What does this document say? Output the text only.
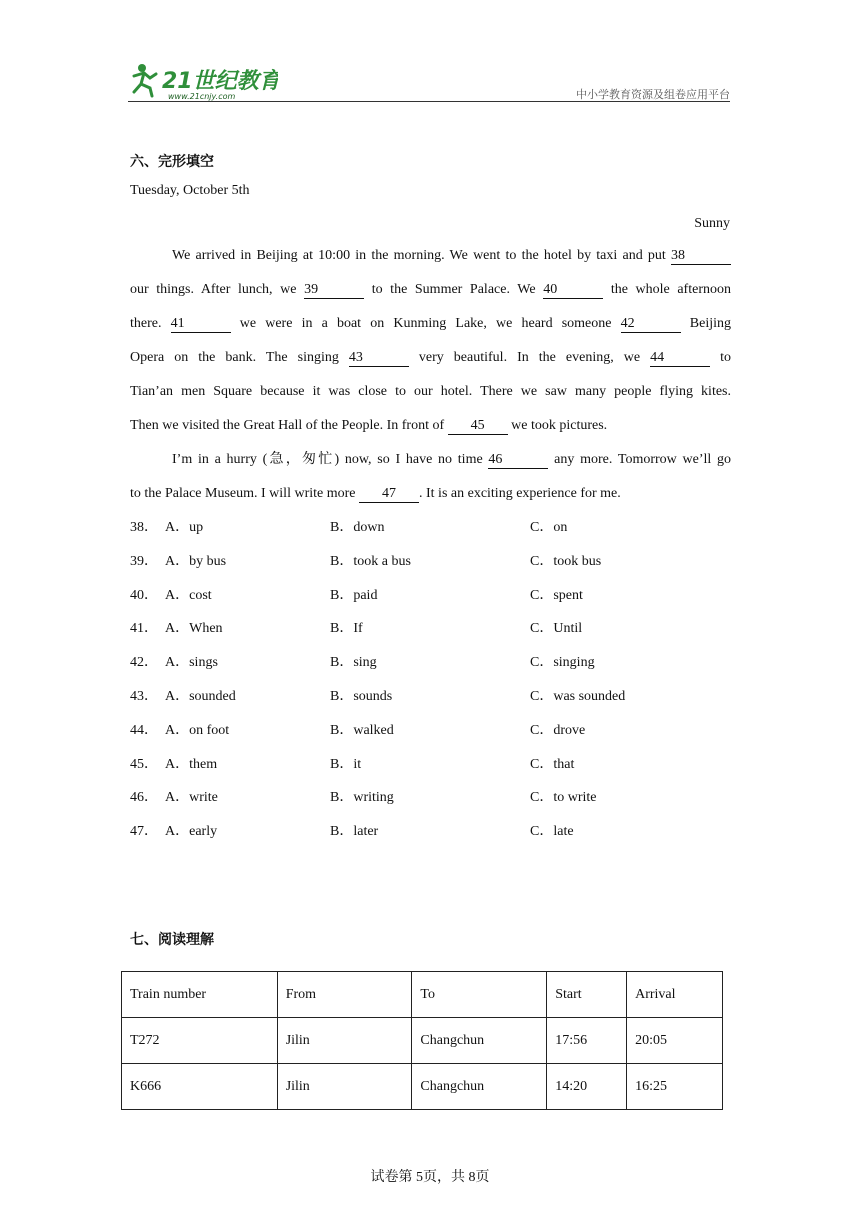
21世纪教育
www.21cnjy.com	中小学教育资源及组卷应用平台
六、完形填空
Tuesday, October 5th
Sunny
We arrived in Beijing at 10:00 in the morning. We went to the hotel by taxi and put 38
our things. After lunch, we 39	to the Summer Palace. We 40	the whole afternoon
there. 41	we were in a boat on Kunming Lake, we heard someone 42	Beijing
Opera on the bank. The singing 43	very beautiful. In the evening, we 44	to
Tian’an men Square because it was close to our hotel. There we saw many people flying kites.
Then we visited the Great Hall of the People. In front of 45 we took pictures.
I’m in a hurry (急，匆忙) now, so I have no time 46	any more. Tomorrow we’ll go
to the Palace Museum. I will write more 47 . It is an exciting experience for me.
38． A．up	B．down	C．on
39． A．by bus	B．took a bus	C．took bus
40． A．cost	B．paid	C．spent
41． A．When	B．If	C．Until
42． A．sings	B．sing	C．singing
43． A．sounded	B．sounds	C．was sounded
44． A．on foot	B．walked	C．drove
45． A．them	B．it	C．that
46． A．write	B．writing	C．to write
47． A．early	B．later	C．late
七、阅读理解
Train number	From	To	Start	Arrival
T272	Jilin	Changchun	17:56	20:05
K666	Jilin	Changchun	14:20	16:25
试卷第 5页，共 8页
